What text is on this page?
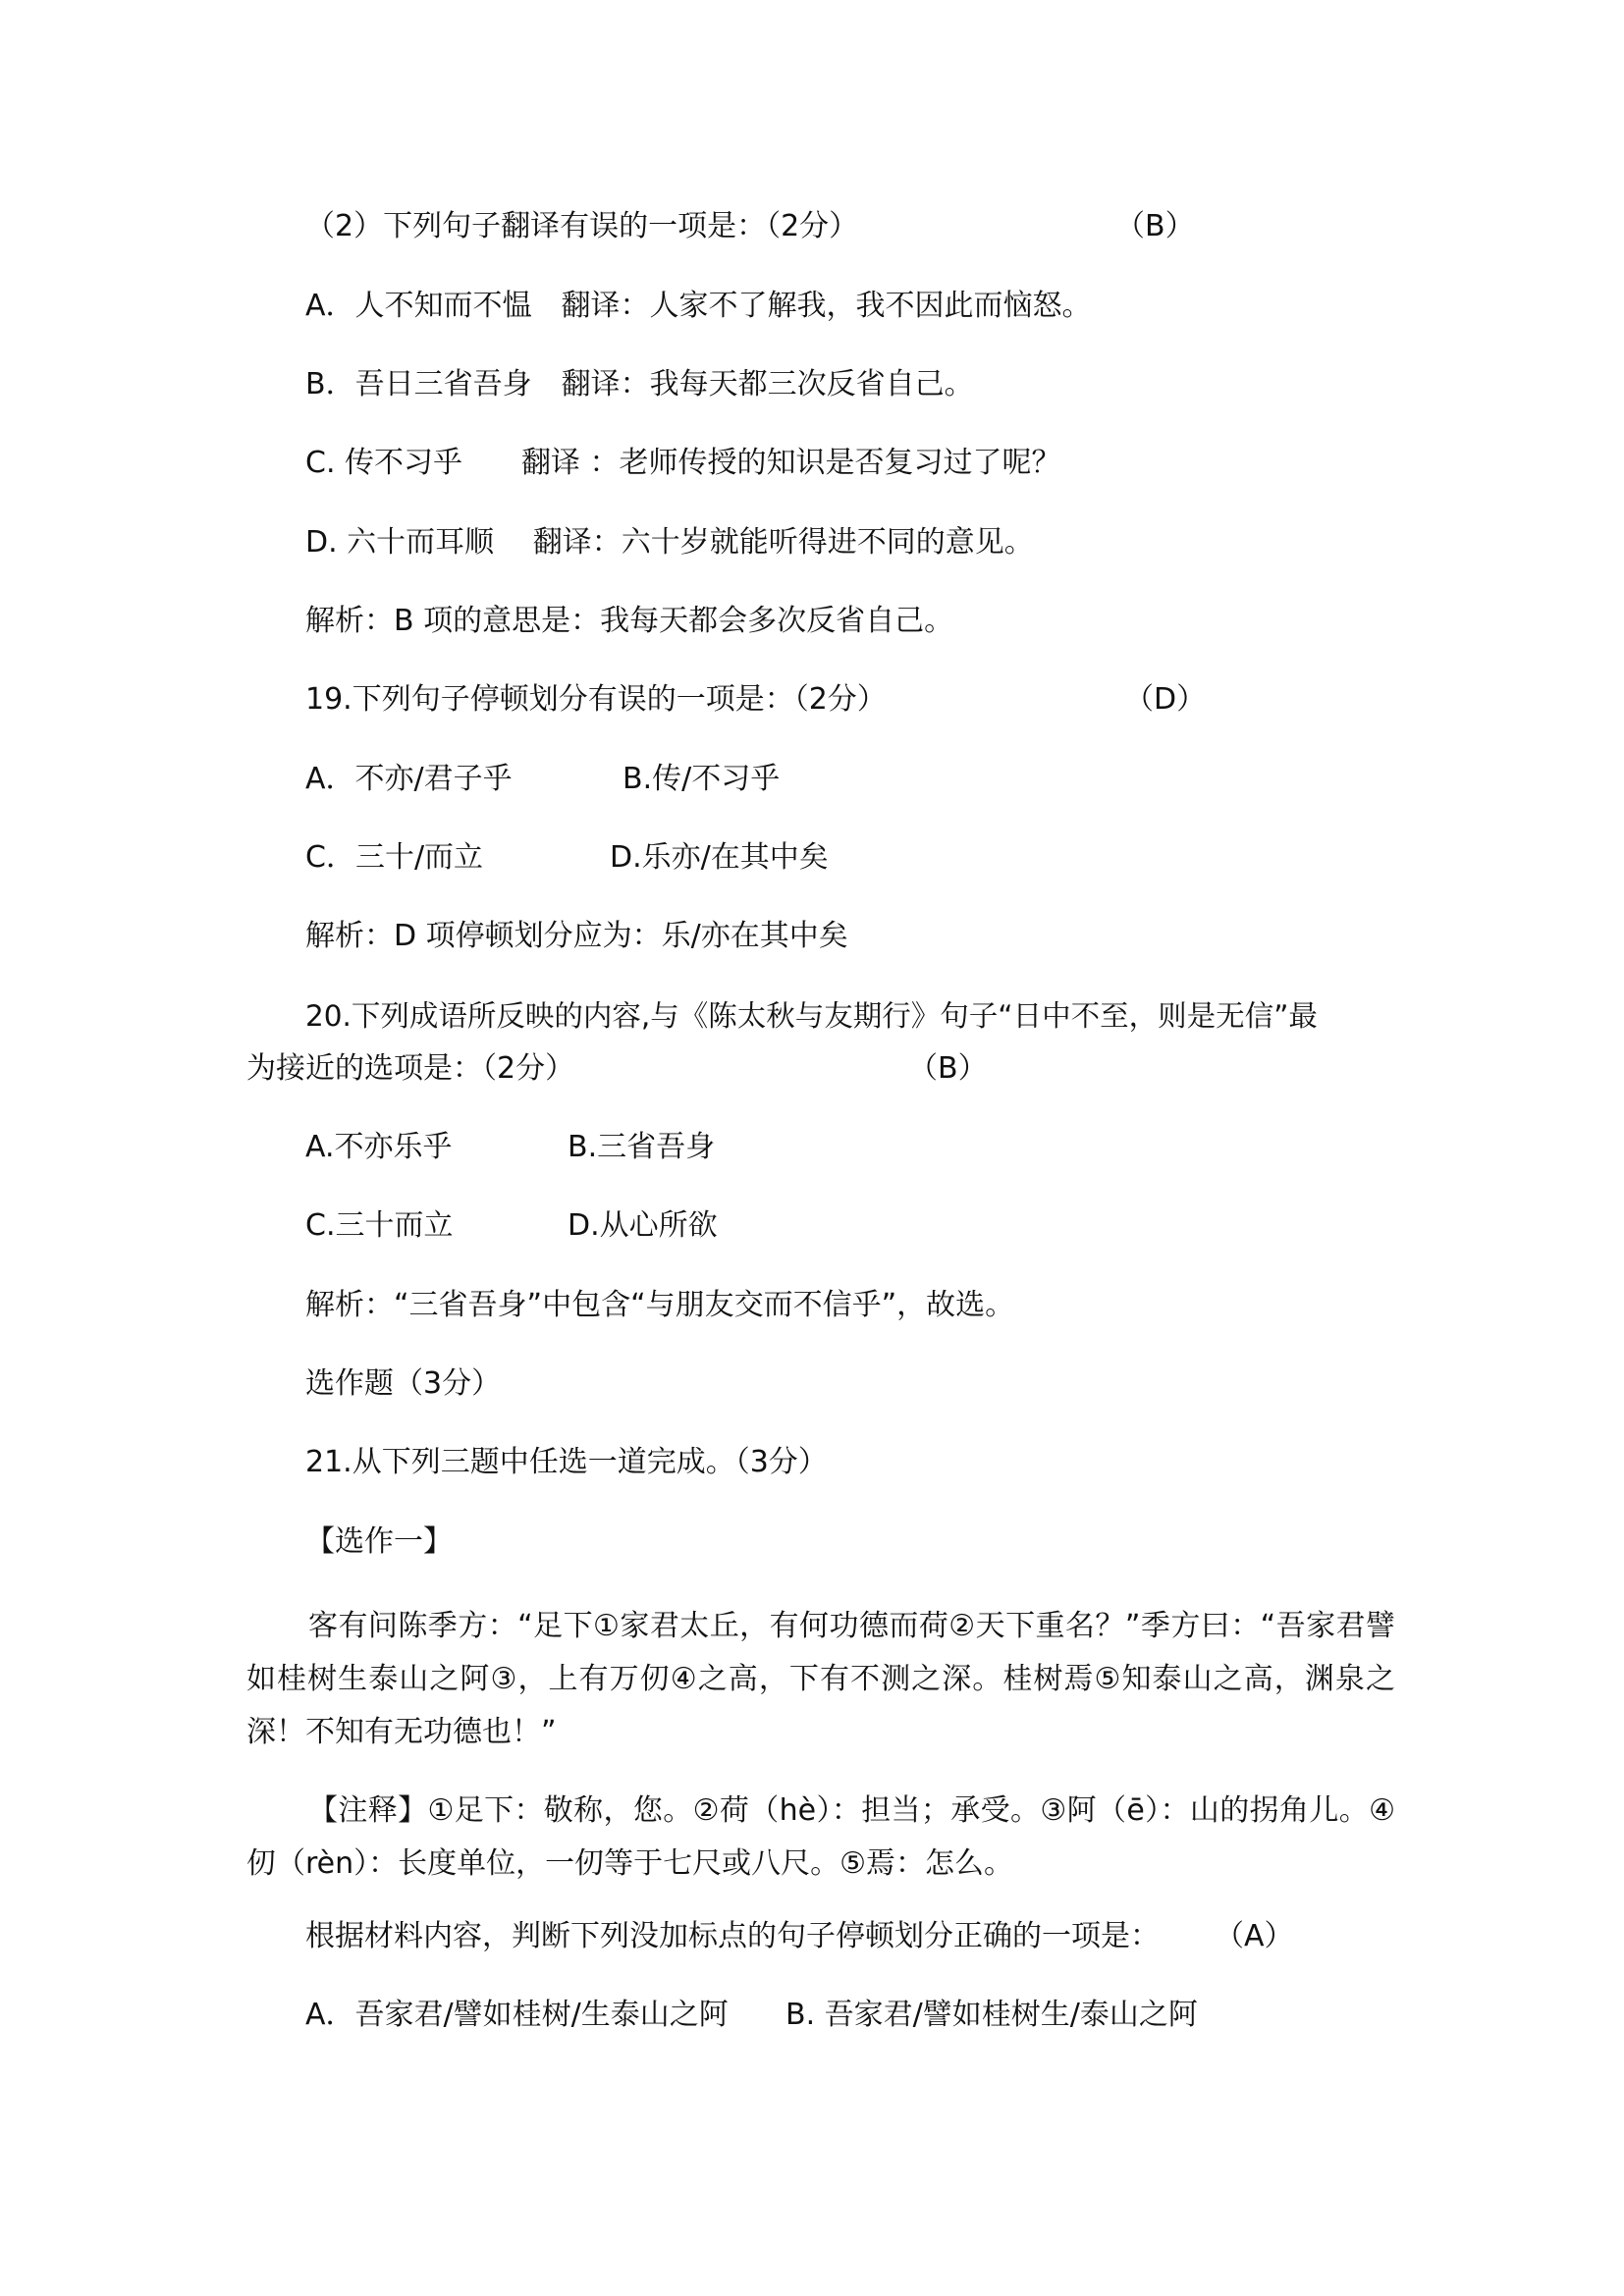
（2）下列句子翻译有误的一项是：（2分）	（B）
A．人不知而不愠　翻译：人家不了解我，我不因此而恼怒。
B．吾日三省吾身　翻译：我每天都三次反省自己。
C. 传不习乎　　翻译 ：老师传授的知识是否复习过了呢？
D. 六十而耳顺　 翻译：六十岁就能听得进不同的意见。
解析：B 项的意思是：我每天都会多次反省自己。
19.下列句子停顿划分有误的一项是：（2分）	（D）
A．不亦/君子乎	B.传/不习乎
C．三十/而立	D.乐亦/在其中矣
解析：D 项停顿划分应为：乐/亦在其中矣
20.下列成语所反映的内容,与《陈太秋与友期行》句子“日中不至，则是无信”最
为接近的选项是：（2分）	（B）
A.不亦乐乎	B.三省吾身
C.三十而立	D.从心所欲
解析：“三省吾身”中包含“与朋友交而不信乎”，故选。
选作题（3分）
21.从下列三题中任选一道完成。（3分）
【选作一】
客有问陈季方：“足下①家君太丘，有何功德而荷②天下重名？”季方曰：“吾家君譬如桂树生泰山之阿③，上有万仞④之高，下有不测之深。桂树焉⑤知泰山之高，渊泉之深！不知有无功德也！”
【注释】①足下：敬称，您。②荷（hè）：担当；承受。③阿（ē）：山的拐角儿。④仞（rèn）：长度单位，一仞等于七尺或八尺。⑤焉：怎么。
根据材料内容，判断下列没加标点的句子停顿划分正确的一项是： （A）
A．吾家君/譬如桂树/生泰山之阿 B. 吾家君/譬如桂树生/泰山之阿
